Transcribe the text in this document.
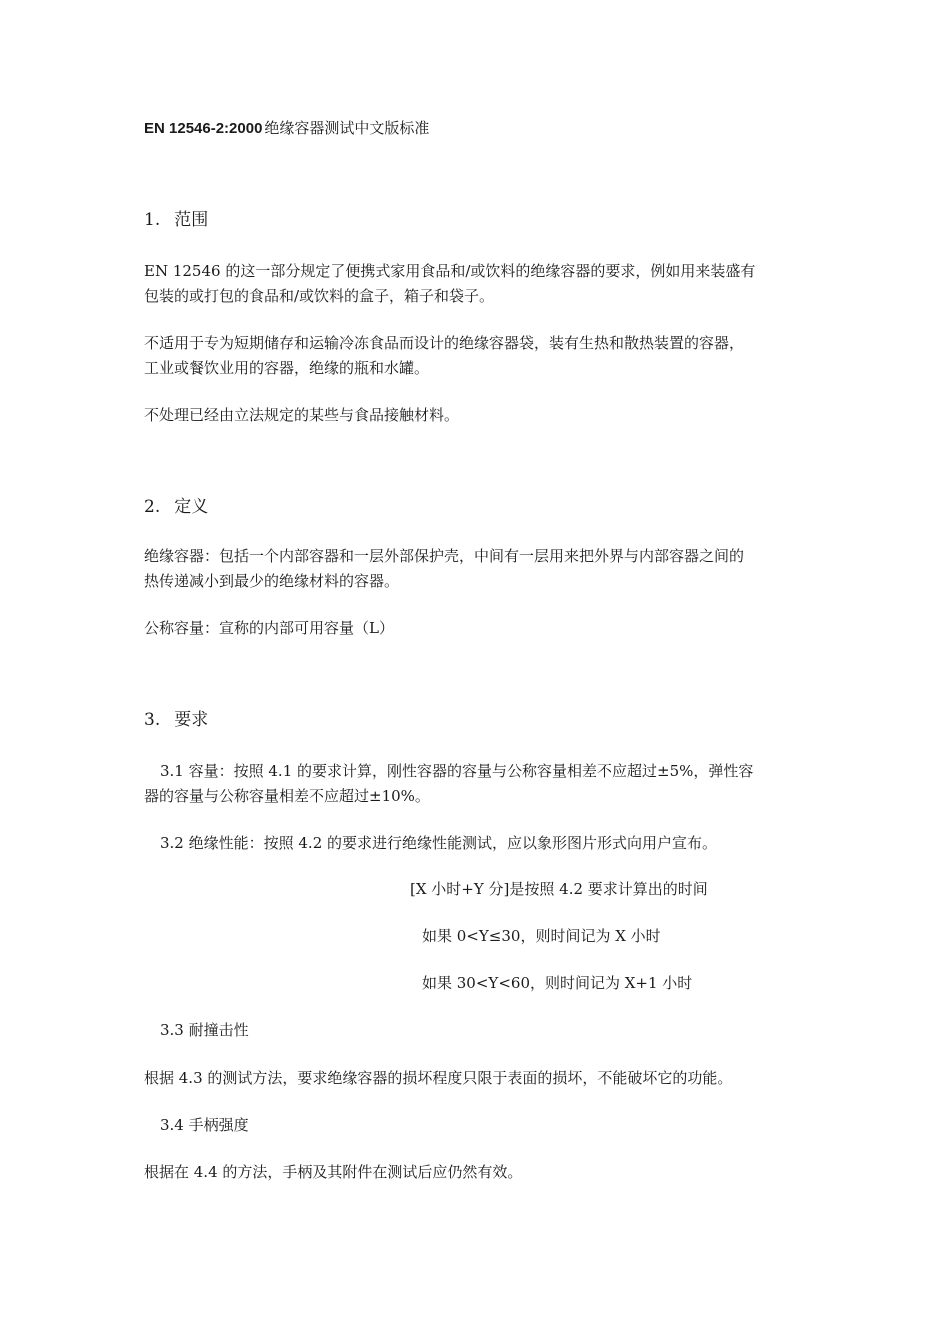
EN 12546-2:2000 绝缘容器测试中文版标准
1. 范围
EN 12546 的这一部分规定了便携式家用食品和/或饮料的绝缘容器的要求，例如用来装盛有
包装的或打包的食品和/或饮料的盒子，箱子和袋子。
不适用于专为短期储存和运输冷冻食品而设计的绝缘容器袋，装有生热和散热装置的容器，
工业或餐饮业用的容器，绝缘的瓶和水罐。
不处理已经由立法规定的某些与食品接触材料。
2. 定义
绝缘容器：包括一个内部容器和一层外部保护壳，中间有一层用来把外界与内部容器之间的
热传递减小到最少的绝缘材料的容器。
公称容量：宣称的内部可用容量（L）
3. 要求
3.1 容量：按照 4.1 的要求计算，刚性容器的容量与公称容量相差不应超过±5%，弹性容
器的容量与公称容量相差不应超过±10%。
3.2 绝缘性能：按照 4.2 的要求进行绝缘性能测试，应以象形图片形式向用户宣布。
[X 小时+Y 分]是按照 4.2 要求计算出的时间
如果 0<Y≤30，则时间记为 X 小时
如果 30<Y<60，则时间记为 X+1 小时
3.3 耐撞击性
根据 4.3 的测试方法，要求绝缘容器的损坏程度只限于表面的损坏，不能破坏它的功能。
3.4 手柄强度
根据在 4.4 的方法，手柄及其附件在测试后应仍然有效。
